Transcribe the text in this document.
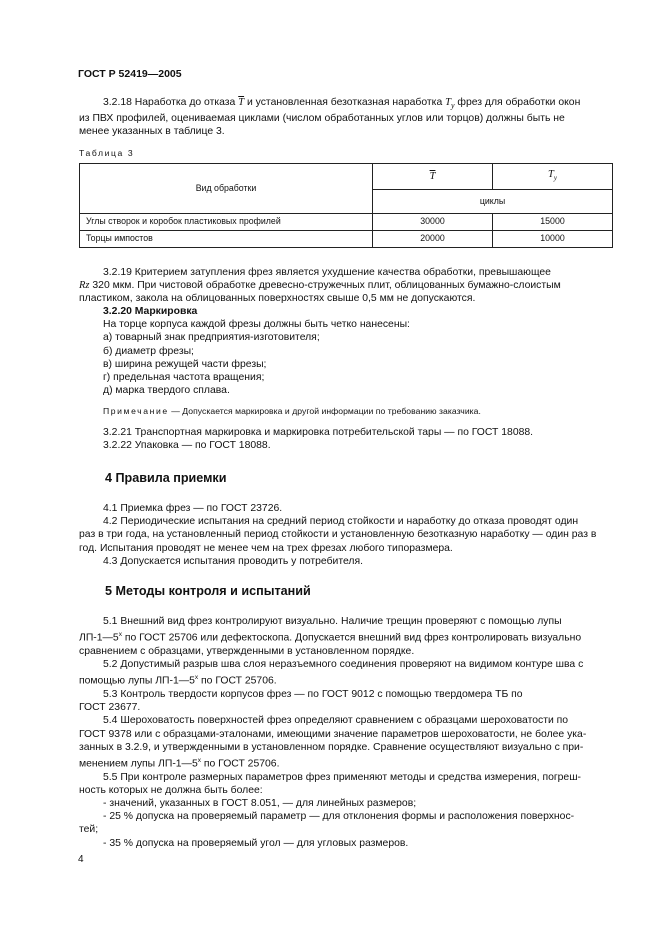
ГОСТ Р 52419—2005
3.2.18 Наработка до отказа $\overline{T}$ и установленная безотказная наработка $T_y$ фрез для обработки окон
из ПВХ профилей, оцениваемая циклами (числом обработанных углов или торцов) должны быть не
менее указанных в таблице 3.
Таблица 3
Вид обработки	$\overline{T}$	$T_у$
	циклы	
Углы створок и коробок пластиковых профилей	30000	15000
Торцы импостов	20000	10000
3.2.19 Критерием затупления фрез является ухудшение качества обработки, превышающее
Rz 320 мкм. При чистовой обработке древесно-стружечных плит, облицованных бумажно-слоистым
пластиком, закола на облицованных поверхностях свыше 0,5 мм не допускаются.
3.2.20 Маркировка
На торце корпуса каждой фрезы должны быть четко нанесены:
а) товарный знак предприятия-изготовителя;
б) диаметр фрезы;
в) ширина режущей части фрезы;
г) предельная частота вращения;
д) марка твердого сплава.
Примечание — Допускается маркировка и другой информации по требованию заказчика.
3.2.21 Транспортная маркировка и маркировка потребительской тары — по ГОСТ 18088.
3.2.22 Упаковка — по ГОСТ 18088.
4 Правила приемки
4.1 Приемка фрез — по ГОСТ 23726.
4.2 Периодические испытания на средний период стойкости и наработку до отказа проводят один
раз в три года, на установленный период стойкости и установленную безотказную наработку — один раз в
год. Испытания проводят не менее чем на трех фрезах любого типоразмера.
4.3 Допускается испытания проводить у потребителя.
5 Методы контроля и испытаний
5.1 Внешний вид фрез контролируют визуально. Наличие трещин проверяют с помощью лупы
$ЛП-1—5^х$ по ГОСТ 25706 или дефектоскопа. Допускается внешний вид фрез контролировать визуально
сравнением с образцами, утвержденными в установленном порядке.
5.2 Допустимый разрыв шва слоя неразъемного соединения проверяют на видимом контуре шва с
помощью лупы $ЛП-1—5^х$ по ГОСТ 25706.
5.3 Контроль твердости корпусов фрез — по ГОСТ 9012 с помощью твердомера ТБ по
ГОСТ 23677.
5.4 Шероховатость поверхностей фрез определяют сравнением с образцами шероховатости по
ГОСТ 9378 или с образцами-эталонами, имеющими значение параметров шероховатости, не более ука-
занных в 3.2.9, и утвержденными в установленном порядке. Сравнение осуществляют визуально с при-
менением лупы $ЛП-1—5^х$ по ГОСТ 25706.
5.5 При контроле размерных параметров фрез применяют методы и средства измерения, погреш-
ность которых не должна быть более:
- значений, указанных в ГОСТ 8.051, — для линейных размеров;
- 25 % допуска на проверяемый параметр — для отклонения формы и расположения поверхнос-
тей;
- 35 % допуска на проверяемый угол — для угловых размеров.
4
